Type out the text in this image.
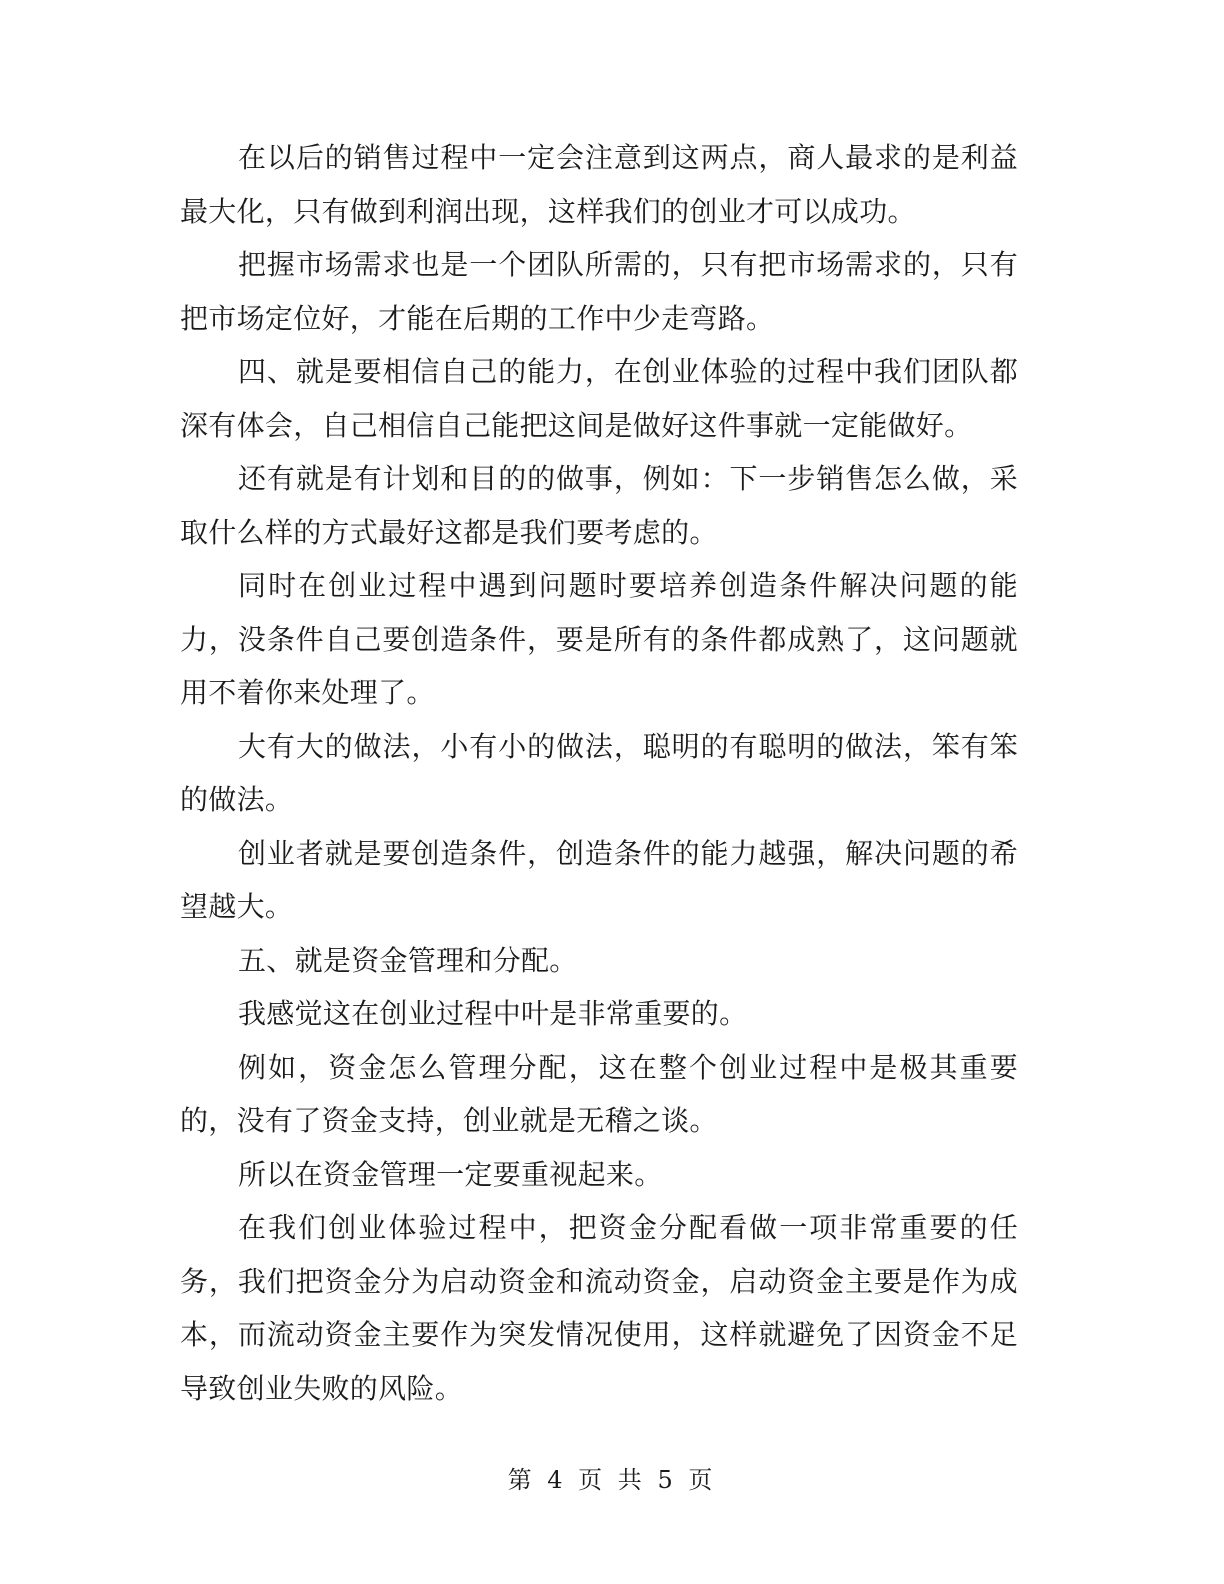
在以后的销售过程中一定会注意到这两点，商人最求的是利益最大化，只有做到利润出现，这样我们的创业才可以成功。

把握市场需求也是一个团队所需的，只有把市场需求的，只有把市场定位好，才能在后期的工作中少走弯路。

四、就是要相信自己的能力，在创业体验的过程中我们团队都深有体会，自己相信自己能把这间是做好这件事就一定能做好。

还有就是有计划和目的的做事，例如：下一步销售怎么做，采取什么样的方式最好这都是我们要考虑的。

同时在创业过程中遇到问题时要培养创造条件解决问题的能力，没条件自己要创造条件，要是所有的条件都成熟了，这问题就用不着你来处理了。

大有大的做法，小有小的做法，聪明的有聪明的做法，笨有笨的做法。

创业者就是要创造条件，创造条件的能力越强，解决问题的希望越大。

五、就是资金管理和分配。

我感觉这在创业过程中叶是非常重要的。

例如，资金怎么管理分配，这在整个创业过程中是极其重要的，没有了资金支持，创业就是无稽之谈。

所以在资金管理一定要重视起来。

在我们创业体验过程中，把资金分配看做一项非常重要的任务，我们把资金分为启动资金和流动资金，启动资金主要是作为成本，而流动资金主要作为突发情况使用，这样就避免了因资金不足导致创业失败的风险。

第 4 页 共 5 页
